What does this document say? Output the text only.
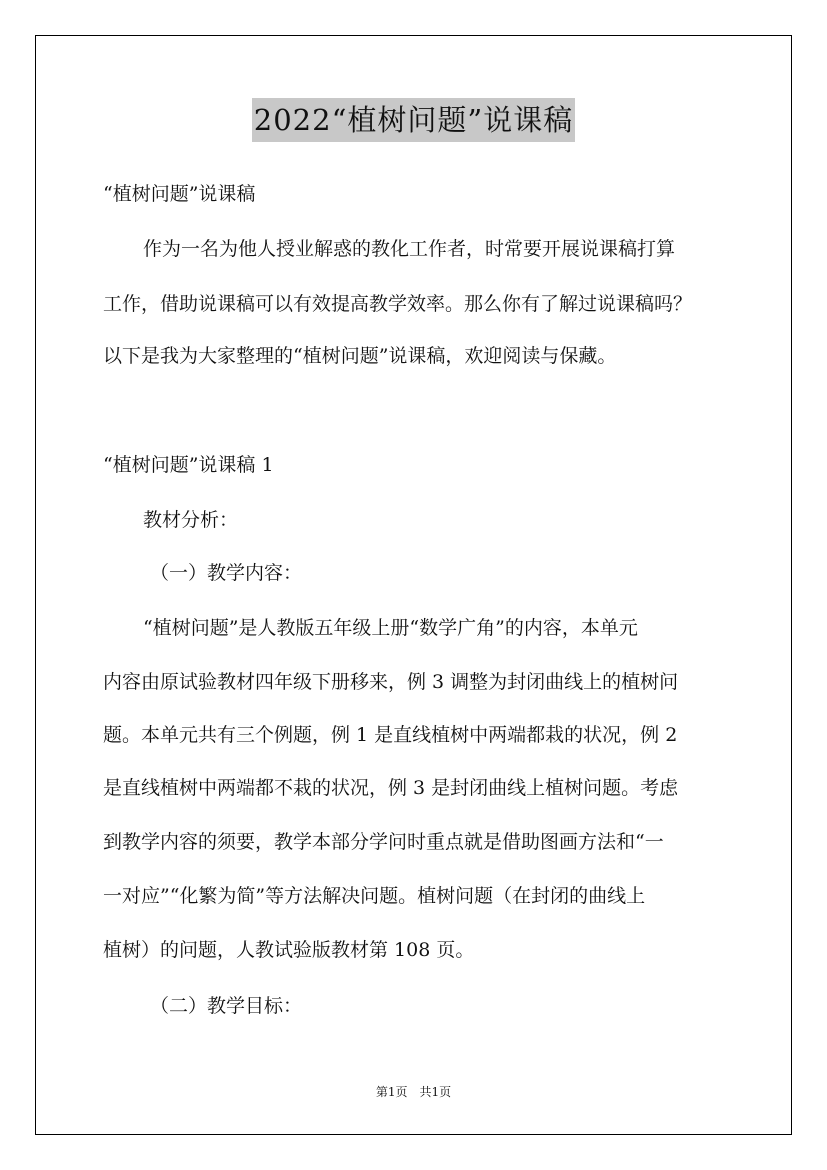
2022“植树问题”说课稿

“植树问题”说课稿

作为一名为他人授业解惑的教化工作者，时常要开展说课稿打算

工作，借助说课稿可以有效提高教学效率。那么你有了解过说课稿吗？

以下是我为大家整理的“植树问题”说课稿，欢迎阅读与保藏。

“植树问题”说课稿 1

教材分析：

（一）教学内容：

“植树问题”是人教版五年级上册“数学广角”的内容，本单元

内容由原试验教材四年级下册移来，例 3 调整为封闭曲线上的植树问

题。本单元共有三个例题，例 1 是直线植树中两端都栽的状况，例 2

是直线植树中两端都不栽的状况，例 3 是封闭曲线上植树问题。考虑

到教学内容的须要，教学本部分学问时重点就是借助图画方法和“一

一对应”“化繁为简”等方法解决问题。植树问题（在封闭的曲线上

植树）的问题，人教试验版教材第 108 页。

（二）教学目标：

第1页　共1页
